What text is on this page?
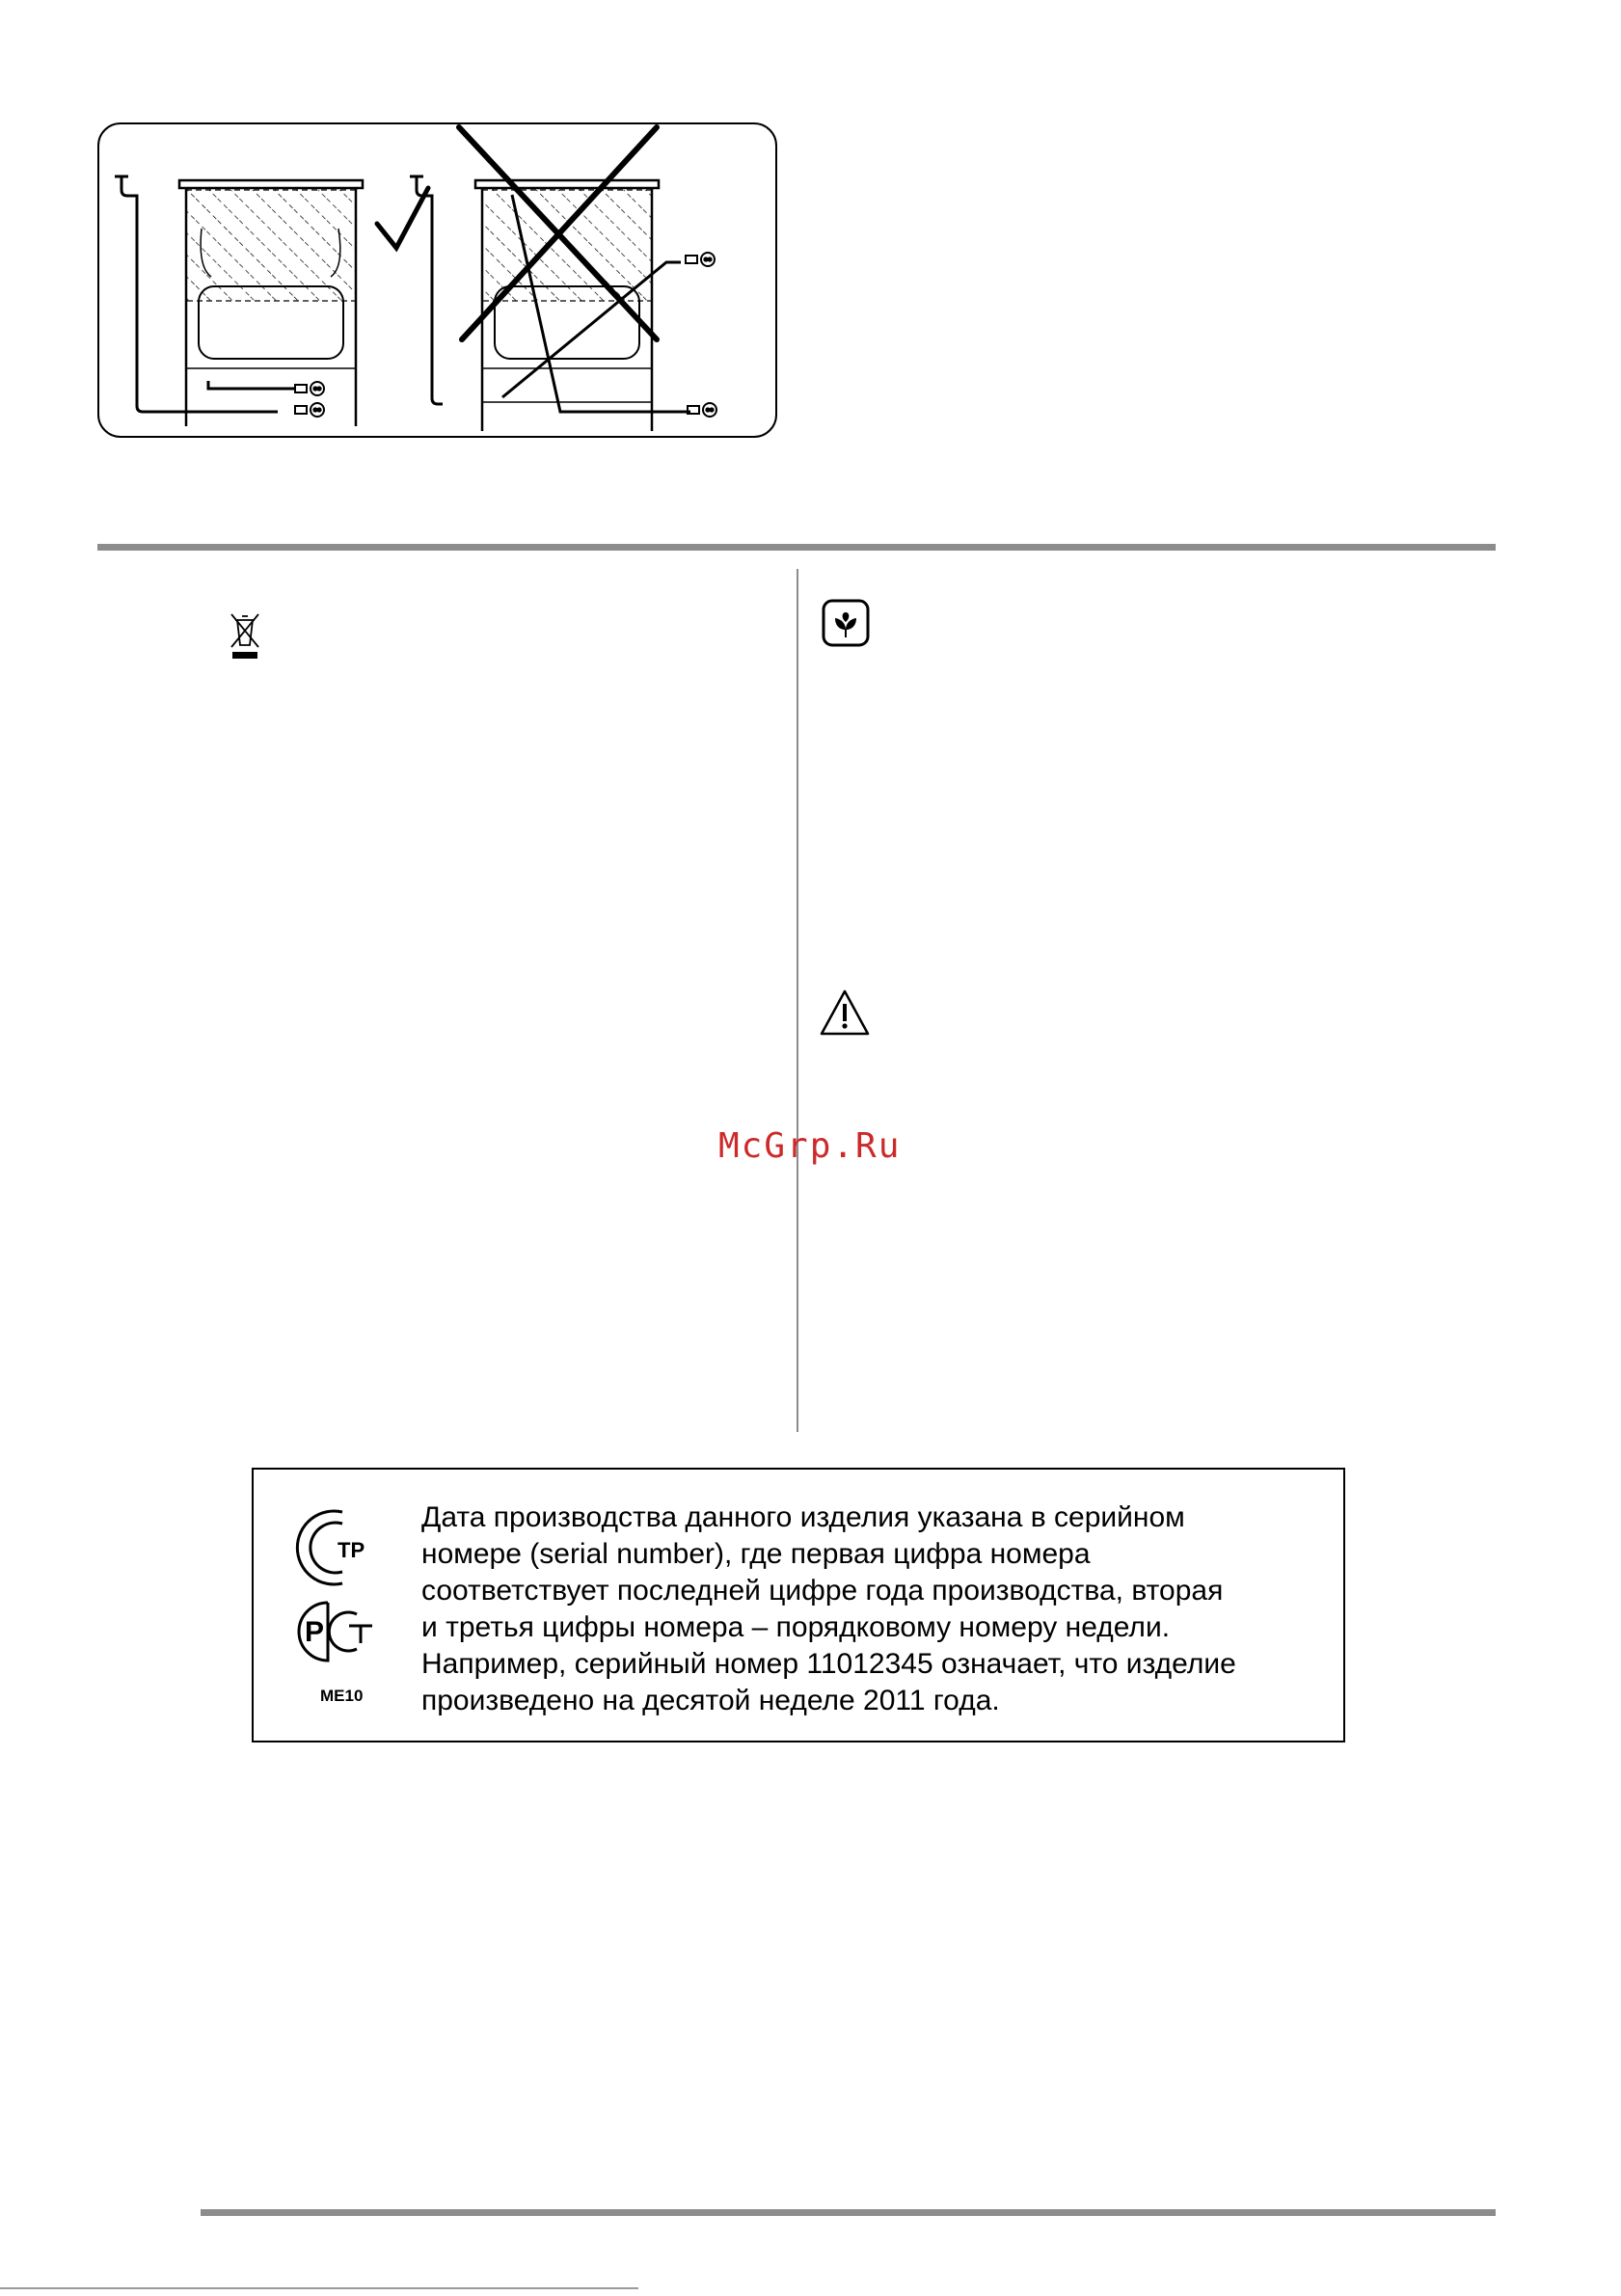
McGrp.Ru
TP
P
ME10
Дата производства данного изделия указана в серийном
номере (serial number), где первая цифра номера
соответствует последней цифре года производства, вторая
и третья цифры номера – порядковому номеру недели.
Например, серийный номер 11012345 означает, что изделие
произведено на десятой неделе 2011 года.
